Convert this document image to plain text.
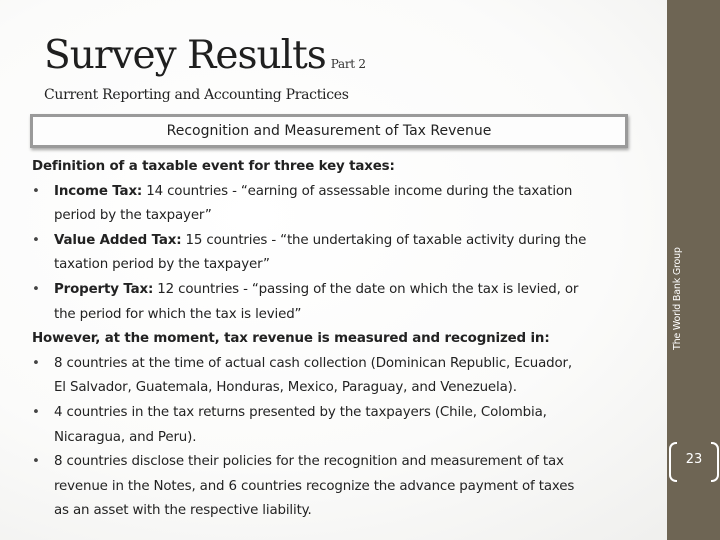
Survey Results Part 2
Current Reporting and Accounting Practices
Recognition and Measurement of Tax Revenue
Definition of a taxable event for three key taxes:
• Income Tax: 14 countries - “earning of assessable income during the taxation
period by the taxpayer”
• Value Added Tax: 15 countries - “the undertaking of taxable activity during the
taxation period by the taxpayer”
• Property Tax: 12 countries - “passing of the date on which the tax is levied, or
the period for which the tax is levied”
However, at the moment, tax revenue is measured and recognized in:
• 8 countries at the time of actual cash collection (Dominican Republic, Ecuador,
El Salvador, Guatemala, Honduras, Mexico, Paraguay, and Venezuela).
• 4 countries in the tax returns presented by the taxpayers (Chile, Colombia,
Nicaragua, and Peru).
• 8 countries disclose their policies for the recognition and measurement of tax
revenue in the Notes, and 6 countries recognize the advance payment of taxes
as an asset with the respective liability.
The World Bank Group
23
